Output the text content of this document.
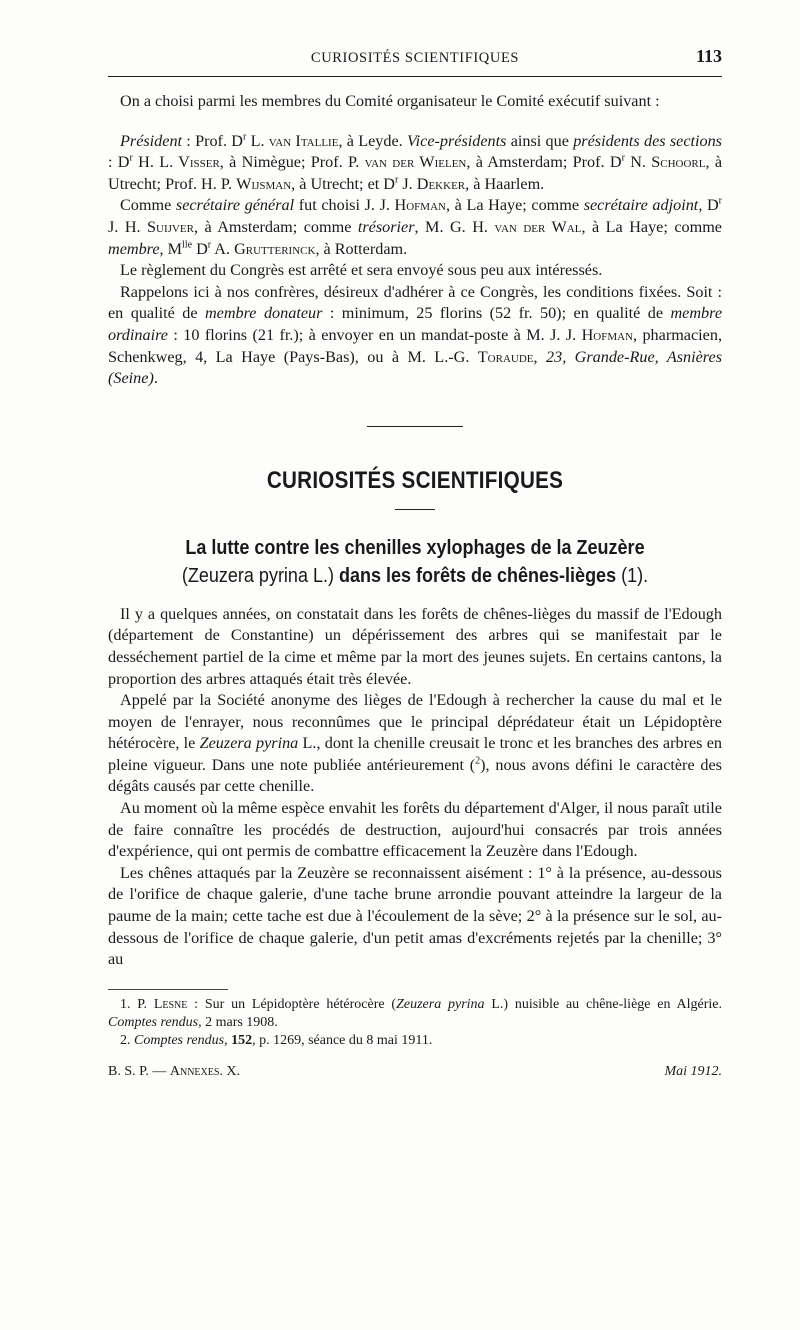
CURIOSITÉS SCIENTIFIQUES	113

On a choisi parmi les membres du Comité organisateur le Comité exécutif suivant :

Président : Prof. $D^r$ L. van Itallie, à Leyde. Vice-présidents ainsi que présidents des sections : $D^r$ H. L. Visser, à Nimègue; Prof. P. van der Wielen, à Amsterdam; Prof. $D^r$ N. Schoorl, à Utrecht; Prof. H. P. Wijsman, à Utrecht; et $D^r$ J. Dekker, à Haarlem.

Comme secrétaire général fut choisi J. J. Hofman, à La Haye; comme secrétaire adjoint, $D^r$ J. H. Suijver, à Amsterdam; comme trésorier, M. G. H. van der Wal, à La Haye; comme membre, $M^{lle}$ $D^r$ A. Grutterinck, à Rotterdam.

Le règlement du Congrès est arrêté et sera envoyé sous peu aux intéressés.

Rappelons ici à nos confrères, désireux d'adhérer à ce Congrès, les conditions fixées. Soit : en qualité de membre donateur : minimum, 25 florins (52 fr. 50); en qualité de membre ordinaire : 10 florins (21 fr.); à envoyer en un mandat-poste à M. J. J. Hofman, pharmacien, Schenkweg, 4, La Haye (Pays-Bas), ou à M. L.-G. Toraude, 23, Grande-Rue, Asnières (Seine).

CURIOSITÉS SCIENTIFIQUES
La lutte contre les chenilles xylophages de la Zeuzère
(Zeuzera pyrina L.) dans les forêts de chênes-lièges (1).

Il y a quelques années, on constatait dans les forêts de chênes-lièges du massif de l'Edough (département de Constantine) un dépérissement des arbres qui se manifestait par le desséchement partiel de la cime et même par la mort des jeunes sujets. En certains cantons, la proportion des arbres attaqués était très élevée.

Appelé par la Société anonyme des lièges de l'Edough à rechercher la cause du mal et le moyen de l'enrayer, nous reconnûmes que le principal déprédateur était un Lépidoptère hétérocère, le Zeuzera pyrina L., dont la chenille creusait le tronc et les branches des arbres en pleine vigueur. Dans une note publiée antérieurement ($^2$), nous avons défini le caractère des dégâts causés par cette chenille.

Au moment où la même espèce envahit les forêts du département d'Alger, il nous paraît utile de faire connaître les procédés de destruction, aujourd'hui consacrés par trois années d'expérience, qui ont permis de combattre efficacement la Zeuzère dans l'Edough.

Les chênes attaqués par la Zeuzère se reconnaissent aisément : 1° à la présence, au-dessous de l'orifice de chaque galerie, d'une tache brune arrondie pouvant atteindre la largeur de la paume de la main; cette tache est due à l'écoulement de la sève; 2° à la présence sur le sol, au-dessous de l'orifice de chaque galerie, d'un petit amas d'excréments rejetés par la chenille; 3° au

1. P. Lesne : Sur un Lépidoptère hétérocère (Zeuzera pyrina L.) nuisible au chêne-liège en Algérie. Comptes rendus, 2 mars 1908.

2. Comptes rendus, 152, p. 1269, séance du 8 mai 1911.

B. S. P. — Annexes. X.	Mai 1912.
